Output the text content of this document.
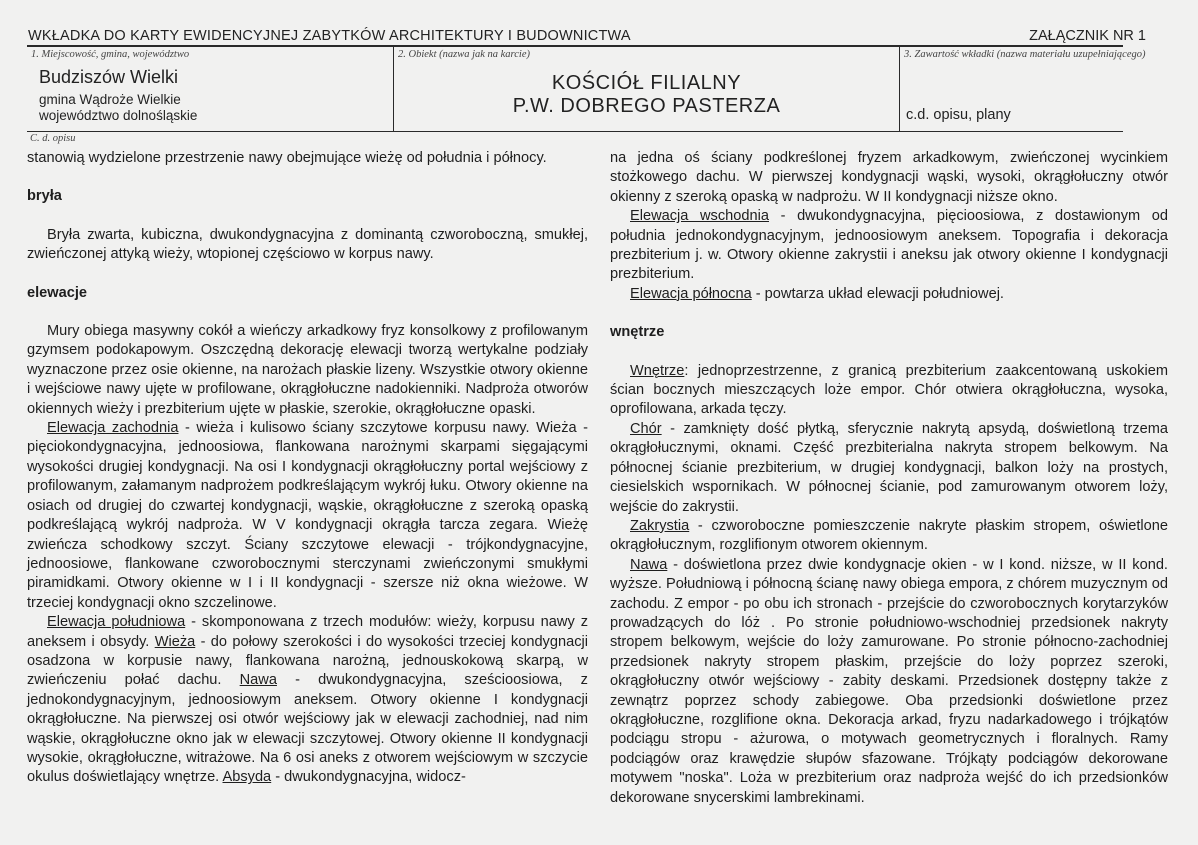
WKŁADKA DO KARTY EWIDENCYJNEJ ZABYTKÓW ARCHITEKTURY I BUDOWNICTWA	ZAŁĄCZNIK NR 1
1. Miejscowość, gmina, województwo
Budziszów Wielki
gmina Wądroże Wielkie
województwo dolnośląskie
2. Obiekt (nazwa jak na karcie)
KOŚCIÓŁ FILIALNY
P.W. DOBREGO PASTERZA
3. Zawartość wkładki (nazwa materiału uzupełniającego)
c.d. opisu, plany
C. d. opisu

stanowią wydzielone przestrzenie nawy obejmujące wieżę od południa i północy.

bryła

Bryła zwarta, kubiczna, dwukondygnacyjna z dominantą czworoboczną, smukłej, zwieńczonej attyką wieży, wtopionej częściowo w korpus nawy.

elewacje

Mury obiega masywny cokół a wieńczy arkadkowy fryz konsolkowy z profilowanym gzymsem podokapowym. Oszczędną dekorację elewacji tworzą wertykalne podziały wyznaczone przez osie okienne, na narożach płaskie lizeny. Wszystkie otwory okienne i wejściowe nawy ujęte w profilowane, okrągłołuczne nadokienniki. Nadproża otworów okiennych wieży i prezbiterium ujęte w płaskie, szerokie, okrągłołuczne opaski.

Elewacja zachodnia - wieża i kulisowo ściany szczytowe korpusu nawy. Wieża - pięciokondygnacyjna, jednoosiowa, flankowana narożnymi skarpami sięgającymi wysokości drugiej kondygnacji. Na osi I kondygnacji okrągłołuczny portal wejściowy z profilowanym, załamanym nadprożem podkreślającym wykrój łuku. Otwory okienne na osiach od drugiej do czwartej kondygnacji, wąskie, okrągłołuczne z szeroką opaską podkreślającą wykrój nadproża. W V kondygnacji okrągła tarcza zegara. Wieżę zwieńcza schodkowy szczyt. Ściany szczytowe elewacji - trójkondygnacyjne, jednoosiowe, flankowane czworobocznymi sterczynami zwieńczonymi smukłymi piramidkami. Otwory okienne w I i II kondygnacji - szersze niż okna wieżowe. W trzeciej kondygnacji okno szczelinowe.

Elewacja południowa - skomponowana z trzech modułów: wieży, korpusu nawy z aneksem i obsydy. Wieża - do połowy szerokości i do wysokości trzeciej kondygnacji osadzona w korpusie nawy, flankowana narożną, jednouskokową skarpą, w zwieńczeniu połać dachu. Nawa - dwukondygnacyjna, sześcioosiowa, z jednokondygnacyjnym, jednoosiowym aneksem. Otwory okienne I kondygnacji okrągłołuczne. Na pierwszej osi otwór wejściowy jak w elewacji zachodniej, nad nim wąskie, okrągłołuczne okno jak w elewacji szczytowej. Otwory okienne II kondygnacji wysokie, okrągłołuczne, witrażowe. Na 6 osi aneks z otworem wejściowym w szczycie okulus doświetlający wnętrze. Absyda - dwukondygnacyjna, widocz-

na jedna oś ściany podkreślonej fryzem arkadkowym, zwieńczonej wycinkiem stożkowego dachu. W pierwszej kondygnacji wąski, wysoki, okrągłołuczny otwór okienny z szeroką opaską w nadprożu. W II kondygnacji niższe okno.

Elewacja wschodnia - dwukondygnacyjna, pięcioosiowa, z dostawionym od południa jednokondygnacyjnym, jednoosiowym aneksem. Topografia i dekoracja prezbiterium j. w. Otwory okienne zakrystii i aneksu jak otwory okienne I kondygnacji prezbiterium.

Elewacja północna - powtarza układ elewacji południowej.

wnętrze

Wnętrze: jednoprzestrzenne, z granicą prezbiterium zaakcentowaną uskokiem ścian bocznych mieszczących loże empor. Chór otwiera okrągłołuczna, wysoka, oprofilowana, arkada tęczy.

Chór - zamknięty dość płytką, sferycznie nakrytą apsydą, doświetloną trzema okrągłołucznymi, oknami. Część prezbiterialna nakryta stropem belkowym. Na północnej ścianie prezbiterium, w drugiej kondygnacji, balkon loży na prostych, ciesielskich wspornikach. W północnej ścianie, pod zamurowanym otworem loży, wejście do zakrystii.

Zakrystia - czworoboczne pomieszczenie nakryte płaskim stropem, oświetlone okrągłołucznym, rozglifionym otworem okiennym.

Nawa - doświetlona przez dwie kondygnacje okien - w I kond. niższe, w II kond. wyższe. Południową i północną ścianę nawy obiega empora, z chórem muzycznym od zachodu. Z empor - po obu ich stronach - przejście do czworobocznych korytarzyków prowadzących do lóż . Po stronie południowo-wschodniej przedsionek nakryty stropem belkowym, wejście do loży zamurowane. Po stronie północno-zachodniej przedsionek nakryty stropem płaskim, przejście do loży poprzez szeroki, okrągłołuczny otwór wejściowy - zabity deskami. Przedsionek dostępny także z zewnątrz poprzez schody zabiegowe. Oba przedsionki doświetlone przez okrągłołuczne, rozglifione okna. Dekoracja arkad, fryzu nadarkadowego i trójkątów podciągu stropu - ażurowa, o motywach geometrycznych i floralnych. Ramy podciągów oraz krawędzie słupów sfazowane. Trójkąty podciągów dekorowane motywem "noska". Loża w prezbiterium oraz nadproża wejść do ich przedsionków dekorowane snycerskimi lambrekinami.
